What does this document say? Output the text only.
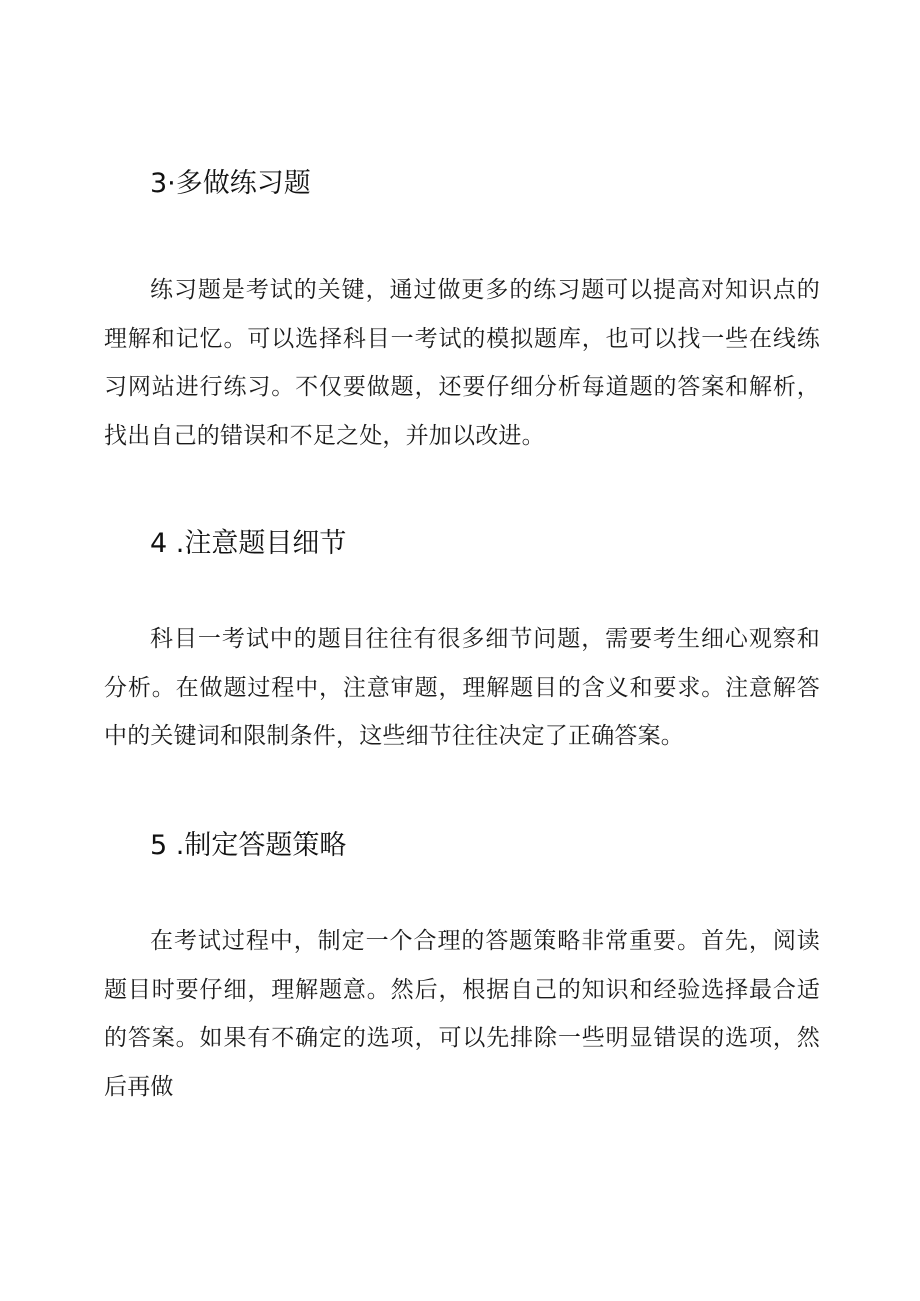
3·多做练习题

练习题是考试的关键，通过做更多的练习题可以提高对知识点的理解和记忆。可以选择科目一考试的模拟题库，也可以找一些在线练习网站进行练习。不仅要做题，还要仔细分析每道题的答案和解析，找出自己的错误和不足之处，并加以改进。

4 .注意题目细节

科目一考试中的题目往往有很多细节问题，需要考生细心观察和分析。在做题过程中，注意审题，理解题目的含义和要求。注意解答中的关键词和限制条件，这些细节往往决定了正确答案。

5 .制定答题策略

在考试过程中，制定一个合理的答题策略非常重要。首先，阅读题目时要仔细，理解题意。然后，根据自己的知识和经验选择最合适的答案。如果有不确定的选项，可以先排除一些明显错误的选项，然后再做
